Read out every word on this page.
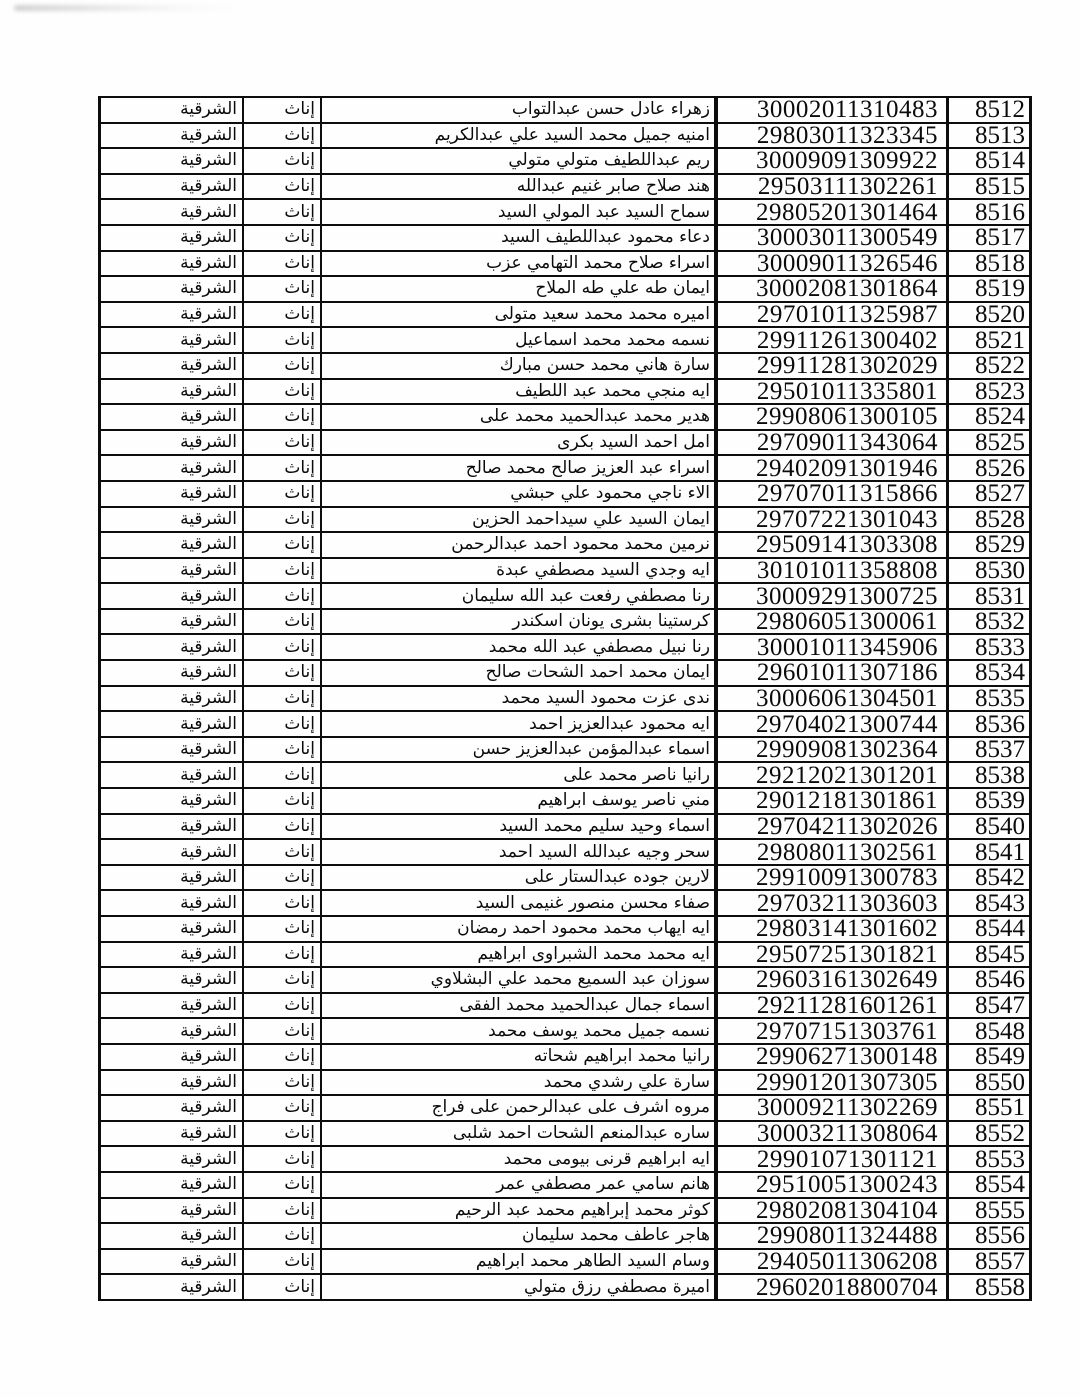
الشرقية	إناث	زهراء عادل حسن عبدالتواب	30002011310483	8512
الشرقية	إناث	امنيه جميل محمد السيد علي عبدالكريم	29803011323345	8513
الشرقية	إناث	ريم عبداللطيف متولي متولي	30009091309922	8514
الشرقية	إناث	هند صلاح صابر غنيم عبدالله	29503111302261	8515
الشرقية	إناث	سماح السيد عبد المولي السيد	29805201301464	8516
الشرقية	إناث	دعاء محمود عبداللطيف السيد	30003011300549	8517
الشرقية	إناث	اسراء صلاح محمد التهامي عزب	30009011326546	8518
الشرقية	إناث	ايمان طه علي طه الملاح	30002081301864	8519
الشرقية	إناث	اميره محمد محمد سعيد متولى	29701011325987	8520
الشرقية	إناث	نسمه محمد محمد اسماعيل	29911261300402	8521
الشرقية	إناث	سارة هاني محمد حسن مبارك	29911281302029	8522
الشرقية	إناث	ايه منجي محمد عبد اللطيف	29501011335801	8523
الشرقية	إناث	هدير محمد عبدالحميد محمد على	29908061300105	8524
الشرقية	إناث	امل احمد السيد بكرى	29709011343064	8525
الشرقية	إناث	اسراء عبد العزيز صالح محمد صالح	29402091301946	8526
الشرقية	إناث	الاء ناجي محمود علي حبشي	29707011315866	8527
الشرقية	إناث	ايمان السيد علي سيداحمد الحزين	29707221301043	8528
الشرقية	إناث	نرمين محمد محمود احمد عبدالرحمن	29509141303308	8529
الشرقية	إناث	ايه وجدي السيد مصطفي عبدة	30101011358808	8530
الشرقية	إناث	رنا مصطفي رفعت عبد الله سليمان	30009291300725	8531
الشرقية	إناث	كرستينا بشرى يونان اسكندر	29806051300061	8532
الشرقية	إناث	رنا نبيل مصطفي عبد الله محمد	30001011345906	8533
الشرقية	إناث	ايمان محمد احمد الشحات صالح	29601011307186	8534
الشرقية	إناث	ندى عزت محمود السيد محمد	30006061304501	8535
الشرقية	إناث	ايه محمود عبدالعزيز احمد	29704021300744	8536
الشرقية	إناث	اسماء عبدالمؤمن عبدالعزيز حسن	29909081302364	8537
الشرقية	إناث	رانيا ناصر محمد على	29212021301201	8538
الشرقية	إناث	مني ناصر يوسف ابراهيم	29012181301861	8539
الشرقية	إناث	اسماء وحيد سليم محمد السيد	29704211302026	8540
الشرقية	إناث	سحر وجيه عبدالله السيد احمد	29808011302561	8541
الشرقية	إناث	لارين جوده عبدالستار على	29910091300783	8542
الشرقية	إناث	صفاء محسن منصور غنيمى السيد	29703211303603	8543
الشرقية	إناث	ايه ايهاب محمد محمود احمد رمضان	29803141301602	8544
الشرقية	إناث	ايه محمد محمد الشبراوى ابراهيم	29507251301821	8545
الشرقية	إناث	سوزان عبد السميع محمد علي البشلاوي	29603161302649	8546
الشرقية	إناث	اسماء جمال عبدالحميد محمد الفقى	29211281601261	8547
الشرقية	إناث	نسمه جميل محمد يوسف محمد	29707151303761	8548
الشرقية	إناث	رانيا محمد ابراهيم شحاته	29906271300148	8549
الشرقية	إناث	سارة علي رشدي محمد	29901201307305	8550
الشرقية	إناث	مروه اشرف على عبدالرحمن على فراج	30009211302269	8551
الشرقية	إناث	ساره عبدالمنعم الشحات احمد شلبى	30003211308064	8552
الشرقية	إناث	ايه ابراهيم قرنى بيومى محمد	29901071301121	8553
الشرقية	إناث	هانم سامي عمر مصطفي عمر	29510051300243	8554
الشرقية	إناث	كوثر محمد إبراهيم محمد عبد الرحيم	29802081304104	8555
الشرقية	إناث	هاجر عاطف محمد سليمان	29908011324488	8556
الشرقية	إناث	وسام السيد الطاهر محمد ابراهيم	29405011306208	8557
الشرقية	إناث	اميرة مصطفي رزق متولي	29602018800704	8558
